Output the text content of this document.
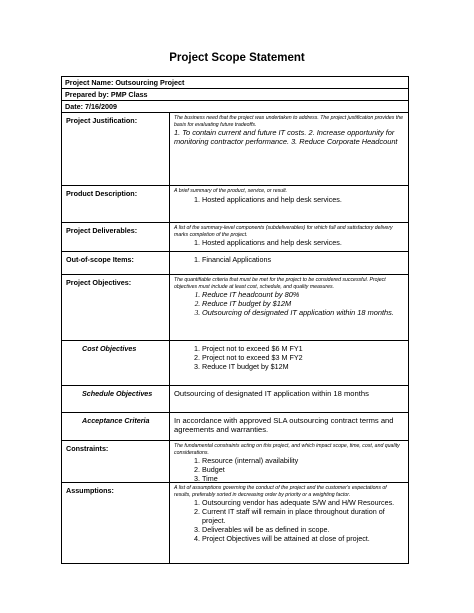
Project Scope Statement
Project Name: Outsourcing Project
Prepared by: PMP Class
Date: 7/16/2009
Project Justification:	The business need that the project was undertaken to address. The project justification provides the basis for evaluating future tradeoffs.
1. To contain current and future IT costs. 2. Increase opportunity for monitoring contractor performance. 3. Reduce Corporate Headcount
Product Description:	A brief summary of the product, service, or result.
1. Hosted applications and help desk services.
Project Deliverables:	A list of the summary-level components (subdeliverables) for which full and satisfactory delivery marks completion of the project.
1. Hosted applications and help desk services.
Out-of-scope Items:	1. Financial Applications
Project Objectives:	The quantifiable criteria that must be met for the project to be considered successful. Project objectives must include at least cost, schedule, and quality measures.
1. Reduce IT headcount by 80%
2. Reduce IT budget by $12M
3. Outsourcing of designated IT application within 18 months.
Cost Objectives	1. Project not to exceed $6 M FY1
2. Project not to exceed $3 M FY2
3. Reduce IT budget by $12M
Schedule Objectives	Outsourcing of designated IT application within 18 months
Acceptance Criteria	In accordance with approved SLA outsourcing contract terms and agreements and warranties.
Constraints:	The fundamental constraints acting on this project, and which impact scope, time, cost, and quality considerations.
1. Resource (internal) availability
2. Budget
3. Time
Assumptions:	A list of assumptions governing the conduct of the project and the customer's expectations of results, preferably sorted in decreasing order by priority or a weighting factor.
1. Outsourcing vendor has adequate S/W and H/W Resources.
2. Current IT staff will remain in place throughout duration of project.
3. Deliverables will be as defined in scope.
4. Project Objectives will be attained at close of project.
